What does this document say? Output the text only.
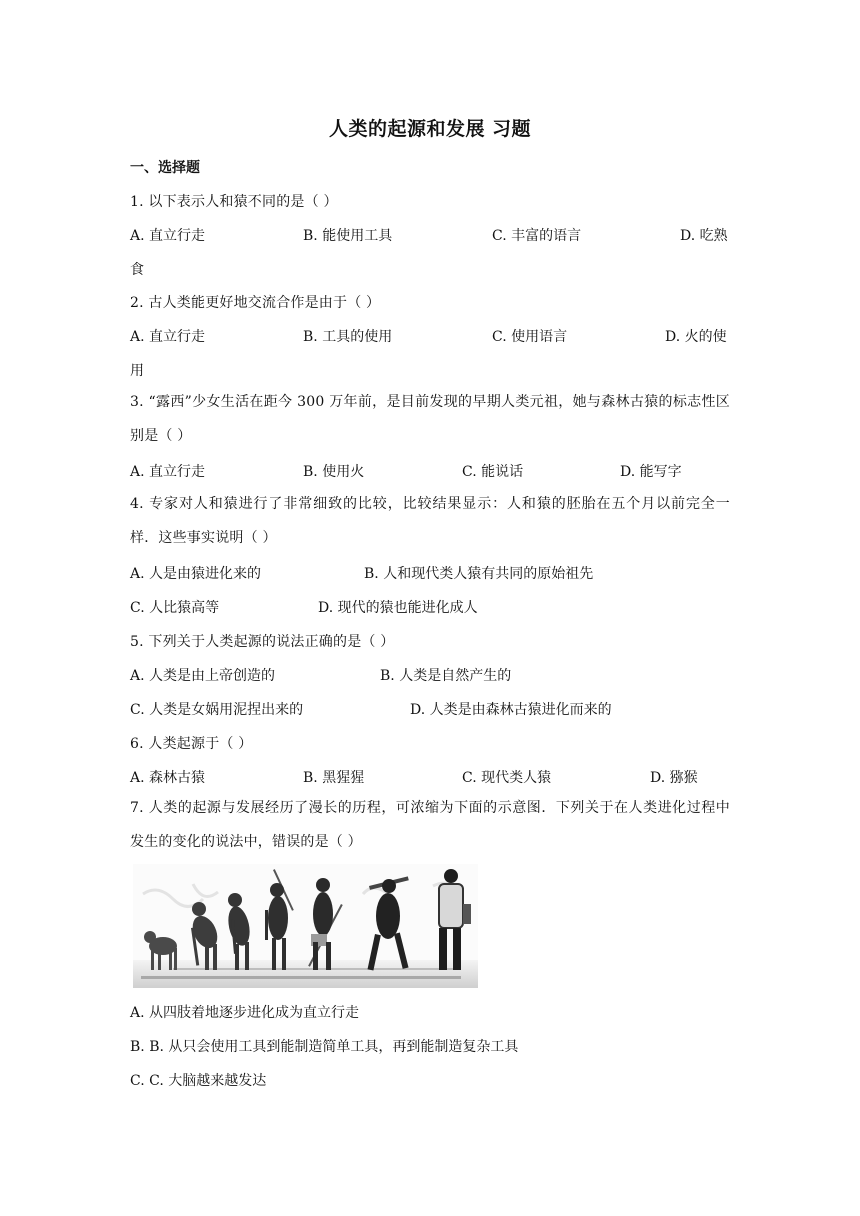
人类的起源和发展 习题
一、选择题
1. 以下表示人和猿不同的是（ ）
A. 直立行走	B. 能使用工具	C. 丰富的语言	D. 吃熟
食
2. 古人类能更好地交流合作是由于（ ）
A. 直立行走	B. 工具的使用	C. 使用语言	D. 火的使
用
3. “露西”少女生活在距今 300 万年前，是目前发现的早期人类元祖，她与森林古猿的标志性区别是（ ）
A. 直立行走	B. 使用火	C. 能说话	D. 能写字
4. 专家对人和猿进行了非常细致的比较，比较结果显示：人和猿的胚胎在五个月以前完全一样．这些事实说明（ ）
A. 人是由猿进化来的	B. 人和现代类人猿有共同的原始祖先
C. 人比猿高等	D. 现代的猿也能进化成人
5. 下列关于人类起源的说法正确的是（ ）
A. 人类是由上帝创造的	B. 人类是自然产生的
C. 人类是女娲用泥捏出来的	D. 人类是由森林古猿进化而来的
6. 人类起源于（ ）
A. 森林古猿	B. 黑猩猩	C. 现代类人猿	D. 猕猴
7. 人类的起源与发展经历了漫长的历程，可浓缩为下面的示意图．下列关于在人类进化过程中发生的变化的说法中，错误的是（ ）
A. 从四肢着地逐步进化成为直立行走
B. B. 从只会使用工具到能制造简单工具，再到能制造复杂工具
C. C. 大脑越来越发达
